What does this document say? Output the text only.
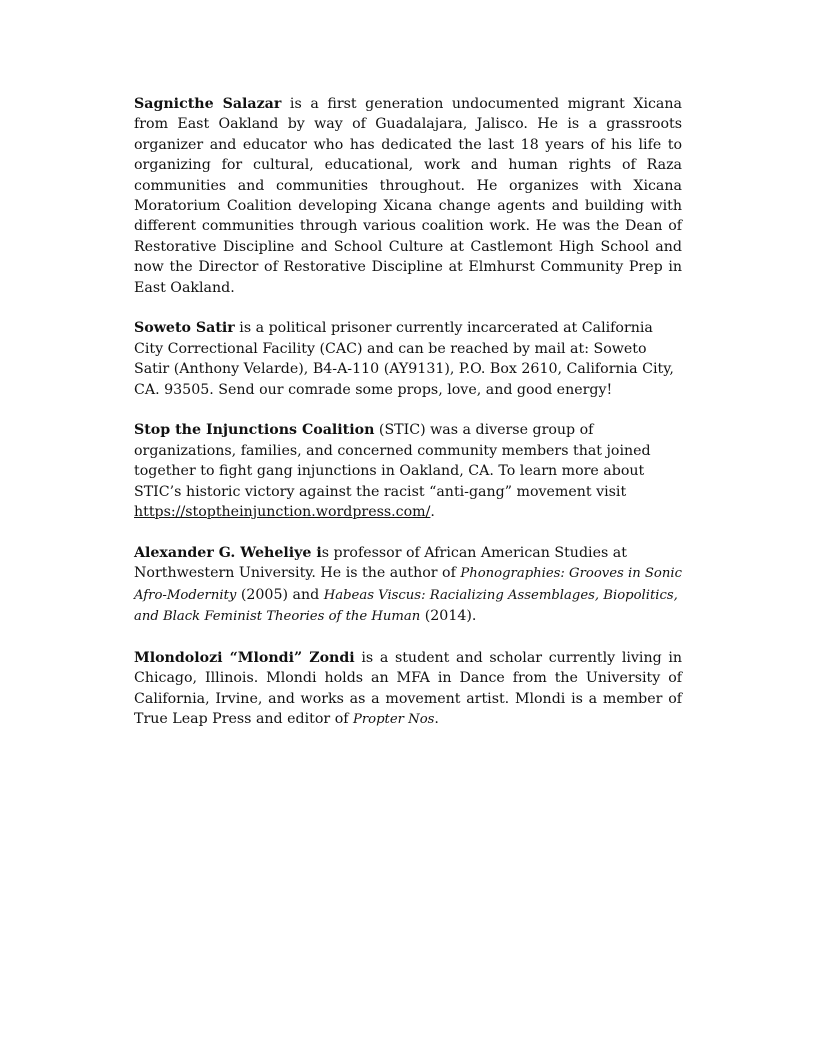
Sagnicthe Salazar is a first generation undocumented migrant Xicana from East Oakland by way of Guadalajara, Jalisco. He is a grassroots organizer and educator who has dedicated the last 18 years of his life to organizing for cultural, educational, work and human rights of Raza communities and communities throughout. He organizes with Xicana Moratorium Coalition developing Xicana change agents and building with different communities through various coalition work. He was the Dean of Restorative Discipline and School Culture at Castlemont High School and now the Director of Restorative Discipline at Elmhurst Community Prep in East Oakland.

Soweto Satir is a political prisoner currently incarcerated at California City Correctional Facility (CAC) and can be reached by mail at: Soweto Satir (Anthony Velarde), B4-A-110 (AY9131), P.O. Box 2610, California City, CA. 93505. Send our comrade some props, love, and good energy!

Stop the Injunctions Coalition (STIC) was a diverse group of organizations, families, and concerned community members that joined together to fight gang injunctions in Oakland, CA. To learn more about STIC’s historic victory against the racist “anti-gang” movement visit https://stoptheinjunction.wordpress.com/.

Alexander G. Weheliye is professor of African American Studies at Northwestern University. He is the author of Phonographies: Grooves in Sonic Afro-Modernity (2005) and Habeas Viscus: Racializing Assemblages, Biopolitics, and Black Feminist Theories of the Human (2014).

Mlondolozi “Mlondi” Zondi is a student and scholar currently living in Chicago, Illinois. Mlondi holds an MFA in Dance from the University of California, Irvine, and works as a movement artist. Mlondi is a member of True Leap Press and editor of Propter Nos.
